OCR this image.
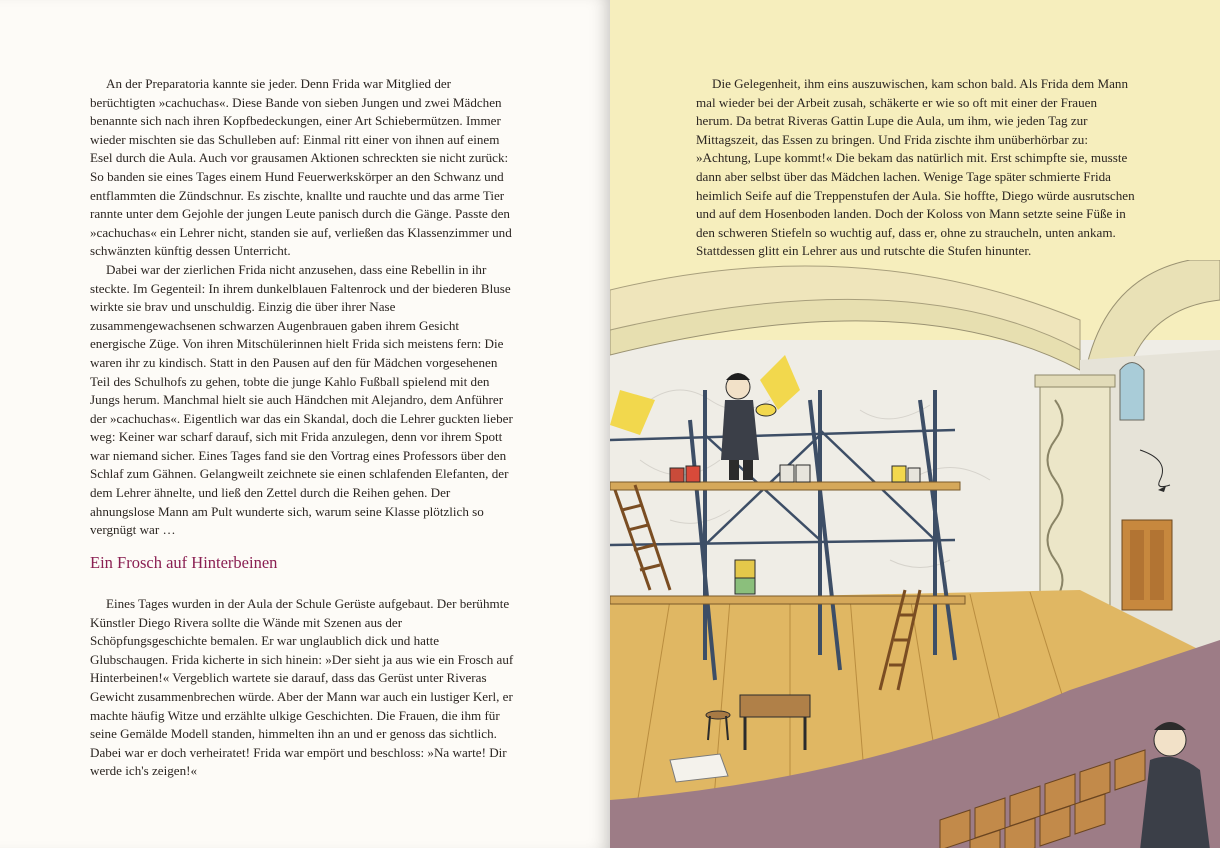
An der Preparatoria kannte sie jeder. Denn Frida war Mitglied der berüchtigten »cachuchas«. Diese Bande von sieben Jungen und zwei Mädchen benannte sich nach ihren Kopfbedeckungen, einer Art Schiebermützen. Immer wieder mischten sie das Schulleben auf: Einmal ritt einer von ihnen auf einem Esel durch die Aula. Auch vor grausamen Aktionen schreckten sie nicht zurück: So banden sie eines Tages einem Hund Feuerwerkskörper an den Schwanz und entflammten die Zündschnur. Es zischte, knallte und rauchte und das arme Tier rannte unter dem Gejohle der jungen Leute panisch durch die Gänge. Passte den »cachuchas« ein Lehrer nicht, standen sie auf, verließen das Klassenzimmer und schwänzten künftig dessen Unterricht.

Dabei war der zierlichen Frida nicht anzusehen, dass eine Rebellin in ihr steckte. Im Gegenteil: In ihrem dunkelblauen Faltenrock und der biederen Bluse wirkte sie brav und unschuldig. Einzig die über ihrer Nase zusammengewachsenen schwarzen Augenbrauen gaben ihrem Gesicht energische Züge. Von ihren Mitschülerinnen hielt Frida sich meistens fern: Die waren ihr zu kindisch. Statt in den Pausen auf den für Mädchen vorgesehenen Teil des Schulhofs zu gehen, tobte die junge Kahlo Fußball spielend mit den Jungs herum. Manchmal hielt sie auch Händchen mit Alejandro, dem Anführer der »cachuchas«. Eigentlich war das ein Skandal, doch die Lehrer guckten lieber weg: Keiner war scharf darauf, sich mit Frida anzulegen, denn vor ihrem Spott war niemand sicher. Eines Tages fand sie den Vortrag eines Professors über den Schlaf zum Gähnen. Gelangweilt zeichnete sie einen schlafenden Elefanten, der dem Lehrer ähnelte, und ließ den Zettel durch die Reihen gehen. Der ahnungslose Mann am Pult wunderte sich, warum seine Klasse plötzlich so vergnügt war …

Ein Frosch auf Hinterbeinen

Eines Tages wurden in der Aula der Schule Gerüste aufgebaut. Der berühmte Künstler Diego Rivera sollte die Wände mit Szenen aus der Schöpfungsgeschichte bemalen. Er war unglaublich dick und hatte Glubschaugen. Frida kicherte in sich hinein: »Der sieht ja aus wie ein Frosch auf Hinterbeinen!« Vergeblich wartete sie darauf, dass das Gerüst unter Riveras Gewicht zusammenbrechen würde. Aber der Mann war auch ein lustiger Kerl, er machte häufig Witze und erzählte ulkige Geschichten. Die Frauen, die ihm für seine Gemälde Modell standen, himmelten ihn an und er genoss das sichtlich. Dabei war er doch verheiratet! Frida war empört und beschloss: »Na warte! Dir werde ich's zeigen!«

Die Gelegenheit, ihm eins auszuwischen, kam schon bald. Als Frida dem Mann mal wieder bei der Arbeit zusah, schäkerte er wie so oft mit einer der Frauen herum. Da betrat Riveras Gattin Lupe die Aula, um ihm, wie jeden Tag zur Mittagszeit, das Essen zu bringen. Und Frida zischte ihm unüberhörbar zu: »Achtung, Lupe kommt!« Die bekam das natürlich mit. Erst schimpfte sie, musste dann aber selbst über das Mädchen lachen. Wenige Tage später schmierte Frida heimlich Seife auf die Treppenstufen der Aula. Sie hoffte, Diego würde ausrutschen und auf dem Hosenboden landen. Doch der Koloss von Mann setzte seine Füße in den schweren Stiefeln so wuchtig auf, dass er, ohne zu straucheln, unten ankam. Stattdessen glitt ein Lehrer aus und rutschte die Stufen hinunter.
